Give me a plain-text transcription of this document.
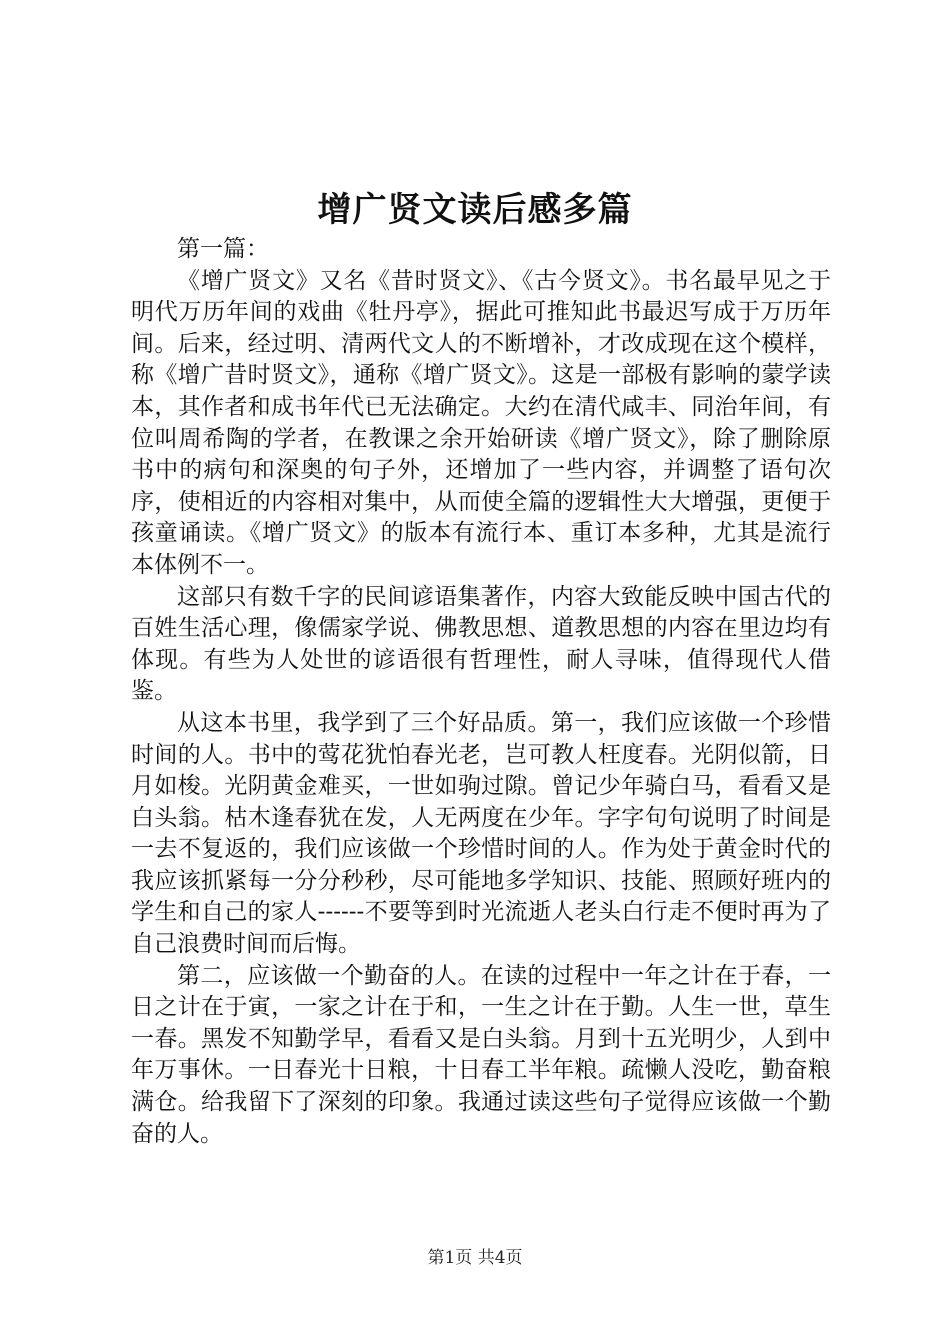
增广贤文读后感多篇

第一篇：

《增广贤文》又名《昔时贤文》、《古今贤文》。书名最早见之于明代万历年间的戏曲《牡丹亭》，据此可推知此书最迟写成于万历年间。后来，经过明、清两代文人的不断增补，才改成现在这个模样，称《增广昔时贤文》，通称《增广贤文》。这是一部极有影响的蒙学读本，其作者和成书年代已无法确定。大约在清代咸丰、同治年间，有位叫周希陶的学者，在教课之余开始研读《增广贤文》，除了删除原书中的病句和深奥的句子外，还增加了一些内容，并调整了语句次序，使相近的内容相对集中，从而使全篇的逻辑性大大增强，更便于孩童诵读。《增广贤文》的版本有流行本、重订本多种，尤其是流行本体例不一。

这部只有数千字的民间谚语集著作，内容大致能反映中国古代的百姓生活心理，像儒家学说、佛教思想、道教思想的内容在里边均有体现。有些为人处世的谚语很有哲理性，耐人寻味，值得现代人借鉴。

从这本书里，我学到了三个好品质。第一，我们应该做一个珍惜时间的人。书中的莺花犹怕春光老，岂可教人枉度春。光阴似箭，日月如梭。光阴黄金难买，一世如驹过隙。曾记少年骑白马，看看又是白头翁。枯木逢春犹在发，人无两度在少年。字字句句说明了时间是一去不复返的，我们应该做一个珍惜时间的人。作为处于黄金时代的我应该抓紧每一分分秒秒，尽可能地多学知识、技能、照顾好班内的学生和自己的家人------不要等到时光流逝人老头白行走不便时再为了自己浪费时间而后悔。

第二，应该做一个勤奋的人。在读的过程中一年之计在于春，一日之计在于寅，一家之计在于和，一生之计在于勤。人生一世，草生一春。黑发不知勤学早，看看又是白头翁。月到十五光明少，人到中年万事休。一日春光十日粮，十日春工半年粮。疏懒人没吃，勤奋粮满仓。给我留下了深刻的印象。我通过读这些句子觉得应该做一个勤奋的人。

第1页 共4页
